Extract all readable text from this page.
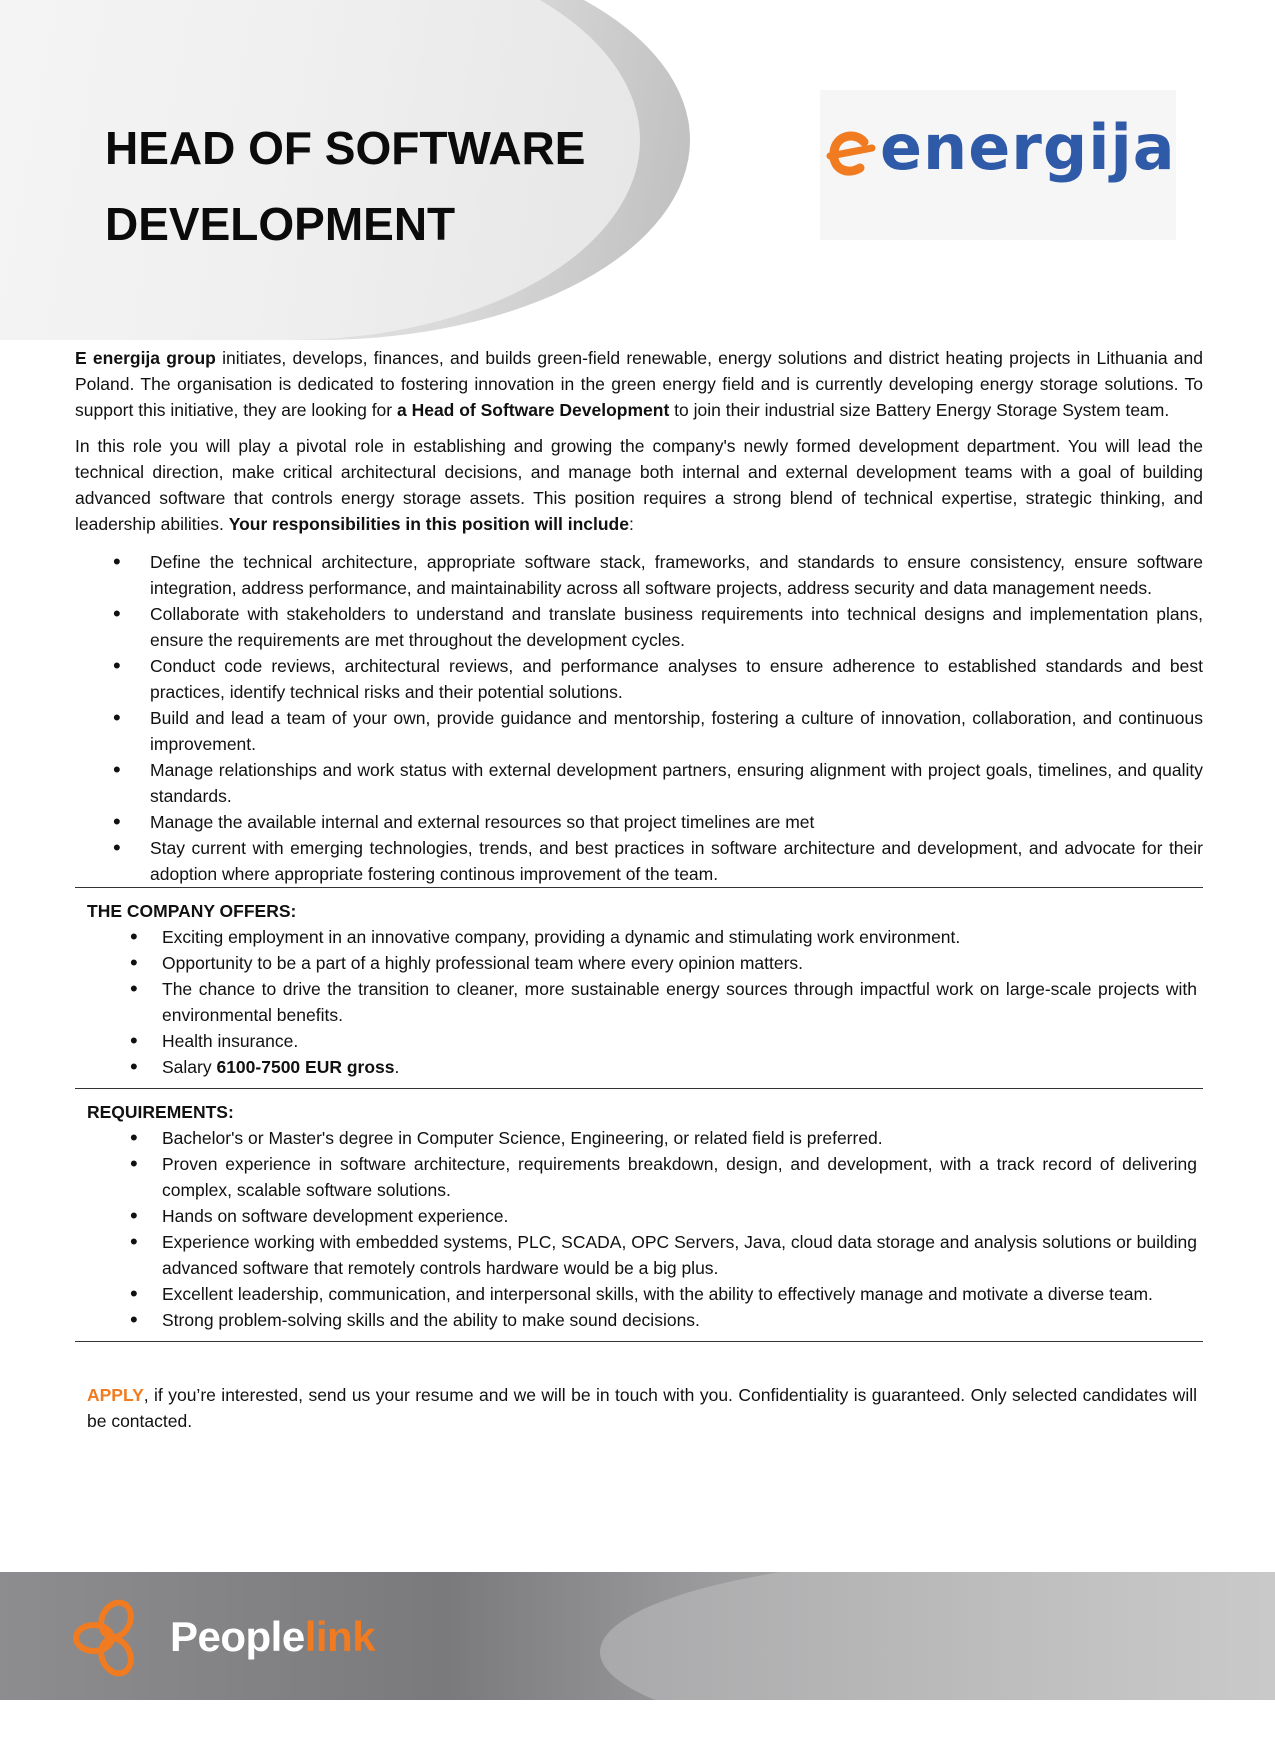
HEAD OF SOFTWARE
DEVELOPMENT
energija

E energija group initiates, develops, finances, and builds green-field renewable, energy solutions and district heating projects in Lithuania and Poland. The organisation is dedicated to fostering innovation in the green energy field and is currently developing energy storage solutions. To support this initiative, they are looking for a Head of Software Development to join their industrial size Battery Energy Storage System team.

In this role you will play a pivotal role in establishing and growing the company's newly formed development department. You will lead the technical direction, make critical architectural decisions, and manage both internal and external development teams with a goal of building advanced software that controls energy storage assets. This position requires a strong blend of technical expertise, strategic thinking, and leadership abilities. Your responsibilities in this position will include:

• Define the technical architecture, appropriate software stack, frameworks, and standards to ensure consistency, ensure software integration, address performance, and maintainability across all software projects, address security and data management needs.
• Collaborate with stakeholders to understand and translate business requirements into technical designs and implementation plans, ensure the requirements are met throughout the development cycles.
• Conduct code reviews, architectural reviews, and performance analyses to ensure adherence to established standards and best practices, identify technical risks and their potential solutions.
• Build and lead a team of your own, provide guidance and mentorship, fostering a culture of innovation, collaboration, and continuous improvement.
• Manage relationships and work status with external development partners, ensuring alignment with project goals, timelines, and quality standards.
• Manage the available internal and external resources so that project timelines are met
• Stay current with emerging technologies, trends, and best practices in software architecture and development, and advocate for their adoption where appropriate fostering continous improvement of the team.

THE COMPANY OFFERS:

• Exciting employment in an innovative company, providing a dynamic and stimulating work environment.
• Opportunity to be a part of a highly professional team where every opinion matters.
• The chance to drive the transition to cleaner, more sustainable energy sources through impactful work on large-scale projects with environmental benefits.
• Health insurance.
• Salary 6100-7500 EUR gross.

REQUIREMENTS:

• Bachelor's or Master's degree in Computer Science, Engineering, or related field is preferred.
• Proven experience in software architecture, requirements breakdown, design, and development, with a track record of delivering complex, scalable software solutions.
• Hands on software development experience.
• Experience working with embedded systems, PLC, SCADA, OPC Servers, Java, cloud data storage and analysis solutions or building advanced software that remotely controls hardware would be a big plus.
• Excellent leadership, communication, and interpersonal skills, with the ability to effectively manage and motivate a diverse team.
• Strong problem-solving skills and the ability to make sound decisions.

APPLY, if you’re interested, send us your resume and we will be in touch with you. Confidentiality is guaranteed. Only selected candidates will be contacted.

Peoplelink
